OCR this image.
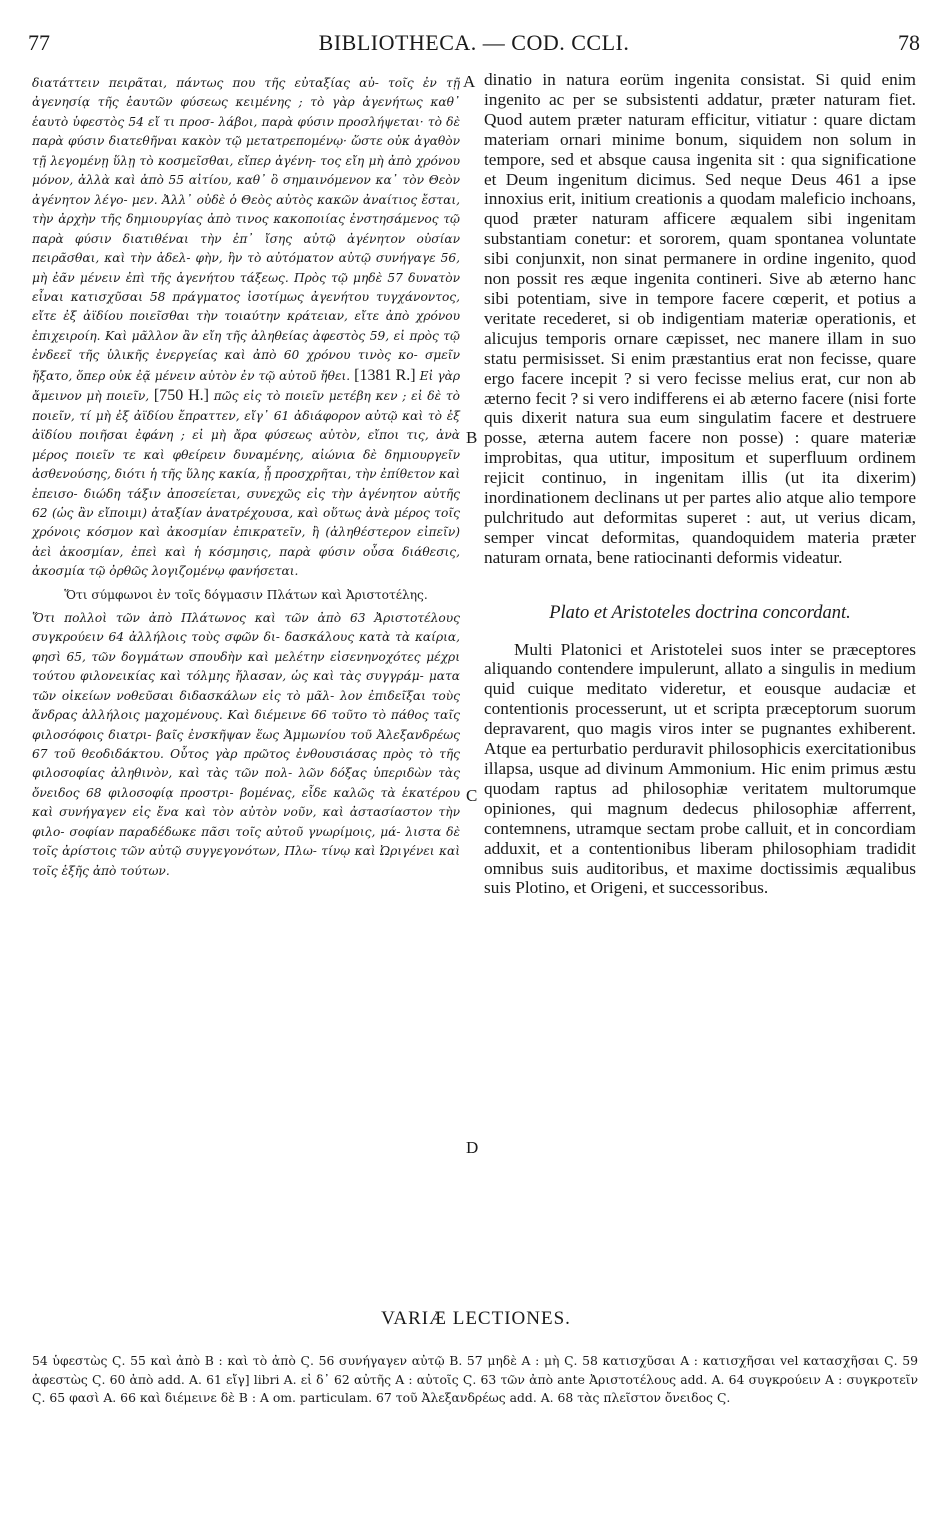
77	BIBLIOTHECA. — COD. CCLI.	78
διατάττειν πειρᾶται, πάντως που τῆς εὐταξίας αὐ- τοῖς ἐν τῇ ἀγενησίᾳ τῆς ἑαυτῶν φύσεως κειμένης ; τὸ γὰρ ἀγενήτως καθ᾽ ἑαυτὸ ὑφεστὸς 54 εἴ τι προσ- λάβοι, παρὰ φύσιν προσλήψεται· τὸ δὲ παρὰ φύσιν διατεθῆναι κακὸν τῷ μετατρεπομένῳ· ὥστε οὐκ ἀγαθὸν τῇ λεγομένῃ ὕλῃ τὸ κοσμεῖσθαι, εἴπερ ἀγένη- τος εἴη μὴ ἀπὸ χρόνου μόνον, ἀλλὰ καὶ ἀπὸ 55 αἰτίου, καθ᾽ ὃ σημαινόμενον κα᾽ τὸν Θεὸν ἀγένητον λέγο- μεν. Ἀλλ᾽ οὐδὲ ὁ Θεὸς αὐτὸς κακῶν ἀναίτιος ἔσται, τὴν ἀρχὴν τῆς δημιουργίας ἀπὸ τινος κακοποιίας ἐνστησάμενος τῷ παρὰ φύσιν διατιθέναι τὴν ἐπ᾽ ἴσης αὐτῷ ἀγένητον οὐσίαν πειρᾶσθαι, καὶ τὴν ἀδελ- φὴν, ἣν τὸ αὐτόματον αὐτῷ συνήγαγε 56, μὴ ἐᾶν μένειν ἐπὶ τῆς ἀγενήτου τάξεως. Πρὸς τῷ μηδὲ 57 δυνατὸν εἶναι κατισχῦσαι 58 πράγματος ἰσοτίμως ἀγενήτου τυγχάνοντος, εἴτε ἐξ ἀϊδίου ποιεῖσθαι τὴν τοιαύτην κράτειαν, εἴτε ἀπὸ χρόνου ἐπιχειροίη. Καὶ μᾶλλον ἂν εἴη τῆς ἀληθείας ἀφεστὸς 59, εἰ πρὸς τῷ ἐνδεεῖ τῆς ὑλικῆς ἐνεργείας καὶ ἀπὸ 60 χρόνου τινὸς κο- σμεῖν ἤξατο, ὅπερ οὐκ ἐᾷ μένειν αὐτὸν ἐν τῷ αὐτοῦ ἤθει. [1381 R.] Εἰ γὰρ ἄμεινον μὴ ποιεῖν, [750 H.] πῶς εἰς τὸ ποιεῖν μετέβη κεν ; εἰ δὲ τὸ ποιεῖν, τί μὴ ἐξ ἀϊδίου ἔπραττεν, εἴγ᾽ 61 ἀδιάφορον αὐτῷ καὶ τὸ ἐξ ἀϊδίου ποιῆσαι ἐφάνη ; εἰ μὴ ἄρα φύσεως αὐτὸν, εἴποι τις, ἀνὰ μέρος ποιεῖν τε καὶ φθείρειν δυναμένης, αἰώνια δὲ δημιουργεῖν ἀσθενούσης, διότι ἡ τῆς ὕλης κακία, ᾗ προσχρῆται, τὴν ἐπίθετον καὶ ἐπεισο- διώδη τάξιν ἀποσείεται, συνεχῶς εἰς τὴν ἀγένητον αὐτῆς 62 (ὡς ἂν εἴποιμι) ἀταξίαν ἀνατρέχουσα, καὶ οὕτως ἀνὰ μέρος τοῖς χρόνοις κόσμον καὶ ἀκοσμίαν ἐπικρατεῖν, ἢ (ἀληθέστερον εἰπεῖν) ἀεὶ ἀκοσμίαν, ἐπεὶ καὶ ἡ κόσμησις, παρὰ φύσιν οὖσα διάθεσις, ἀκοσμία τῷ ὀρθῶς λογιζομένῳ φανήσεται.
Ὅτι σύμφωνοι ἐν τοῖς δόγμασιν Πλάτων καὶ Ἀριστοτέλης.
Ὅτι πολλοὶ τῶν ἀπὸ Πλάτωνος καὶ τῶν ἀπὸ 63 Ἀριστοτέλους συγκρούειν 64 ἀλλήλοις τοὺς σφῶν δι- δασκάλους κατὰ τὰ καίρια, φησὶ 65, τῶν δογμάτων σπουδὴν καὶ μελέτην εἰσενηνοχότες μέχρι τούτου φιλονεικίας καὶ τόλμης ἤλασαν, ὡς καὶ τὰς συγγράμ- ματα τῶν οἰκείων νοθεῦσαι διδασκάλων εἰς τὸ μᾶλ- λον ἐπιδεῖξαι τοὺς ἄνδρας ἀλλήλοις μαχομένους. Καὶ διέμεινε 66 τοῦτο τὸ πάθος ταῖς φιλοσόφοις διατρι- βαῖς ἐνσκῆψαν ἕως Ἀμμωνίου τοῦ Ἀλεξανδρέως 67 τοῦ θεοδιδάκτου. Οὗτος γὰρ πρῶτος ἐνθουσιάσας πρὸς τὸ τῆς φιλοσοφίας ἀληθινὸν, καὶ τὰς τῶν πολ- λῶν δόξας ὑπεριδὼν τὰς ὄνειδος 68 φιλοσοφίᾳ προστρι- βομένας, εἶδε καλῶς τὰ ἑκατέρου καὶ συνήγαγεν εἰς ἕνα καὶ τὸν αὐτὸν νοῦν, καὶ ἀστασίαστον τὴν φιλο- σοφίαν παραδέδωκε πᾶσι τοῖς αὐτοῦ γνωρίμοις, μά- λιστα δὲ τοῖς ἀρίστοις τῶν αὐτῷ συγγεγονότων, Πλω- τίνῳ καὶ Ὠριγένει καὶ τοῖς ἑξῆς ἀπὸ τούτων.
A
B
C
D

dinatio in natura eorüm ingenita consistat. Si quid enim ingenito ac per se subsistenti addatur, præter naturam fiet. Quod autem præter naturam efficitur, vitiatur : quare dictam materiam ornari minime bonum, siquidem non solum in tempore, sed et absque causa ingenita sit : qua significatione et Deum ingenitum dicimus. Sed neque Deus 461 a ipse innoxius erit, initium creationis a quodam maleficio inchoans, quod præter naturam afficere æqualem sibi ingenitam substantiam conetur: et sororem, quam spontanea voluntate sibi conjunxit, non sinat permanere in ordine ingenito, quod non possit res æque ingenita contineri. Sive ab æterno hanc sibi potentiam, sive in tempore facere cœperit, et potius a veritate recederet, si ob indigentiam materiæ operationis, et alicujus temporis ornare cæpisset, nec manere illam in suo statu permisisset. Si enim præstantius erat non fecisse, quare ergo facere incepit ? si vero fecisse melius erat, cur non ab æterno fecit ? si vero indifferens ei ab æterno facere (nisi forte quis dixerit natura sua eum singulatim facere et destruere posse, æterna autem facere non posse) : quare materiæ improbitas, qua utitur, impositum et superfluum ordinem rejicit continuo, in ingenitam illis (ut ita dixerim) inordinationem declinans ut per partes alio atque alio tempore pulchritudo aut deformitas superet : aut, ut verius dicam, semper vincat deformitas, quandoquidem materia præter naturam ornata, bene ratiocinanti deformis videatur.

Plato et Aristoteles doctrina concordant.

Multi Platonici et Aristotelei suos inter se præceptores aliquando contendere impulerunt, allato a singulis in medium quid cuique meditato videretur, et eousque audaciæ et contentionis processerunt, ut et scripta præceptorum suorum depravarent, quo magis viros inter se pugnantes exhiberent. Atque ea perturbatio perduravit philosophicis exercitationibus illapsa, usque ad divinum Ammonium. Hic enim primus æstu quodam raptus ad philosophiæ veritatem multorumque opiniones, qui magnum dedecus philosophiæ afferrent, contemnens, utramque sectam probe calluit, et in concordiam adduxit, et a contentionibus liberam philosophiam tradidit omnibus suis auditoribus, et maxime doctissimis æqualibus suis Plotino, et Origeni, et successoribus.

VARIÆ LECTIONES.
54 ὑφεστὼς Ϛ. 55 καὶ ἀπὸ B : καὶ τὸ ἀπὸ Ϛ. 56 συνήγαγεν αὐτῷ B. 57 μηδὲ A : μὴ Ϛ. 58 κατισχῦσαι A : κατισχῆσαι vel κατασχῆσαι Ϛ. 59 ἀφεστὼς Ϛ. 60 ἀπὸ add. A. 61 εἴγ] libri A. εἰ δ᾽ 62 αὐτῆς A : αὐτοῖς Ϛ. 63 τῶν ἀπὸ ante Ἀριστοτέλους add. A. 64 συγκρούειν A : συγκροτεῖν Ϛ. 65 φασὶ A. 66 καὶ διέμεινε δὲ B : A om. particulam. 67 τοῦ Ἀλεξανδρέως add. A. 68 τὰς πλεῖστον ὄνειδος Ϛ.
